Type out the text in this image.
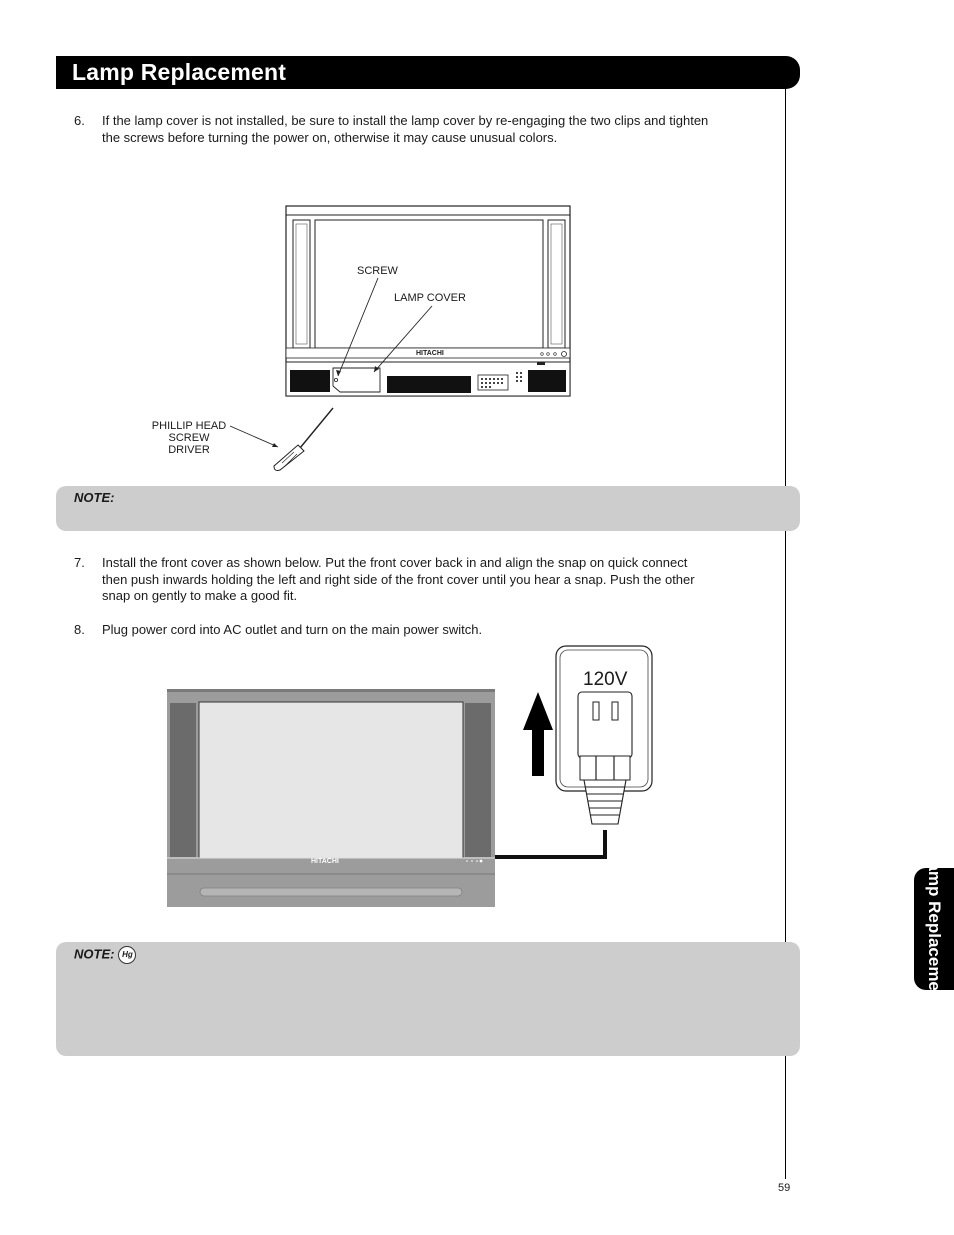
Lamp Replacement
6. If the lamp cover is not installed, be sure to install the lamp cover by re-engaging the two clips and tighten
the screws before turning the power on, otherwise it may cause unusual colors.
SCREW
LAMP COVER
PHILLIP HEAD
SCREW DRIVER
HITACHI
NOTE:
7. Install the front cover as shown below. Put the front cover back in and align the snap on quick connect
then push inwards holding the left and right side of the front cover until you hear a snap. Push the other
snap on gently to make a good fit.
8. Plug power cord into AC outlet and turn on the main power switch.
120V
HITACHI
NOTE: Hg	Lamp Replacement
59
